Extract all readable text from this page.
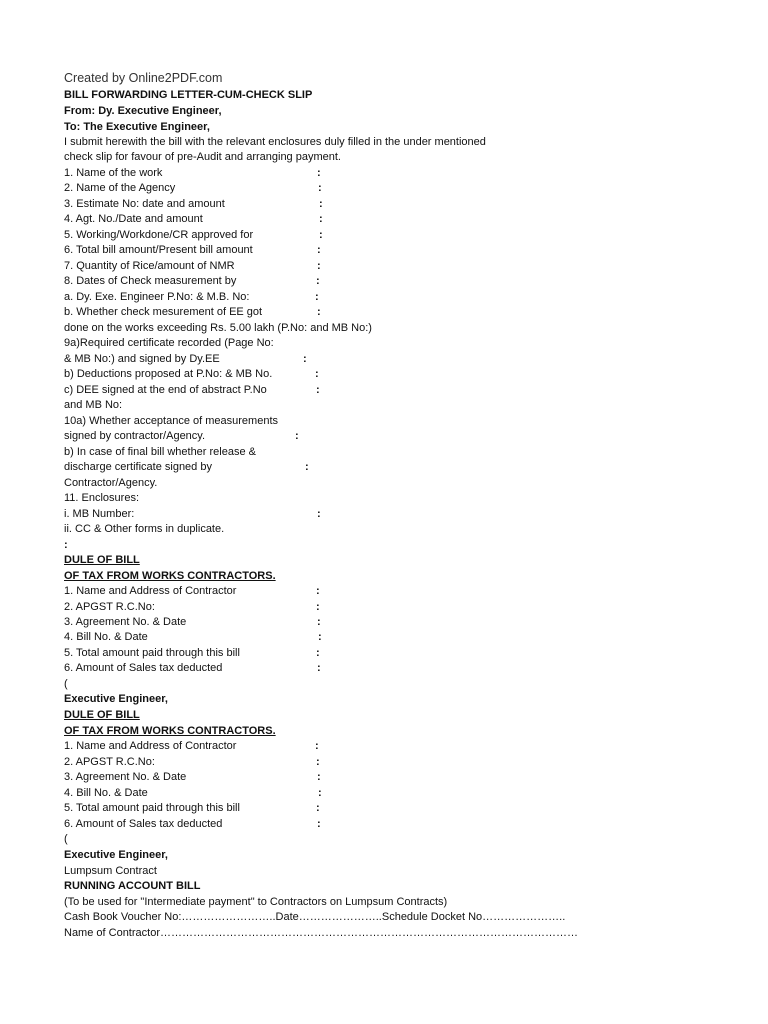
Created by Online2PDF.com
BILL FORWARDING LETTER-CUM-CHECK SLIP
From: Dy. Executive Engineer,
To: The Executive Engineer,
I submit herewith the bill with the relevant enclosures duly filled in the under mentioned
check slip for favour of pre-Audit and arranging payment.
1. Name of the work	:
2. Name of the Agency	:
3. Estimate No: date and amount	:
4. Agt. No./Date and amount	:
5. Working/Workdone/CR approved for	:
6. Total bill amount/Present bill amount	:
7. Quantity of Rice/amount of NMR	:
8. Dates of Check measurement by	:
a. Dy. Exe. Engineer P.No: & M.B. No:	:
b. Whether check mesurement of EE got	:
done on the works exceeding Rs. 5.00 lakh (P.No: and MB No:)
9a)Required certificate recorded (Page No:
& MB No:) and signed by Dy.EE	:
b) Deductions proposed at P.No: & MB No.	:
c) DEE signed at the end of abstract P.No	:
and MB No:
10a) Whether acceptance of measurements
signed by contractor/Agency.	:
b) In case of final bill whether release &
discharge certificate signed by	:
Contractor/Agency.
11. Enclosures:
i. MB Number:	:
ii. CC & Other forms in duplicate.
:
DULE OF BILL
OF TAX FROM WORKS CONTRACTORS.
1. Name and Address of Contractor	:
2. APGST R.C.No:	:
3. Agreement No. & Date	:
4. Bill No. & Date	:
5. Total amount paid through this bill	:
6. Amount of Sales tax deducted	:
(
Executive Engineer,
DULE OF BILL
OF TAX FROM WORKS CONTRACTORS.
1. Name and Address of Contractor	:
2. APGST R.C.No:	:
3. Agreement No. & Date	:
4. Bill No. & Date	:
5. Total amount paid through this bill	:
6. Amount of Sales tax deducted	:
(
Executive Engineer,
Lumpsum Contract
RUNNING ACCOUNT BILL
(To be used for "Intermediate payment" to Contractors on Lumpsum Contracts)
Cash Book Voucher No:……………………..Date…………………..Schedule Docket No…………………..
Name of Contractor……………………………………………………………………………………………………
